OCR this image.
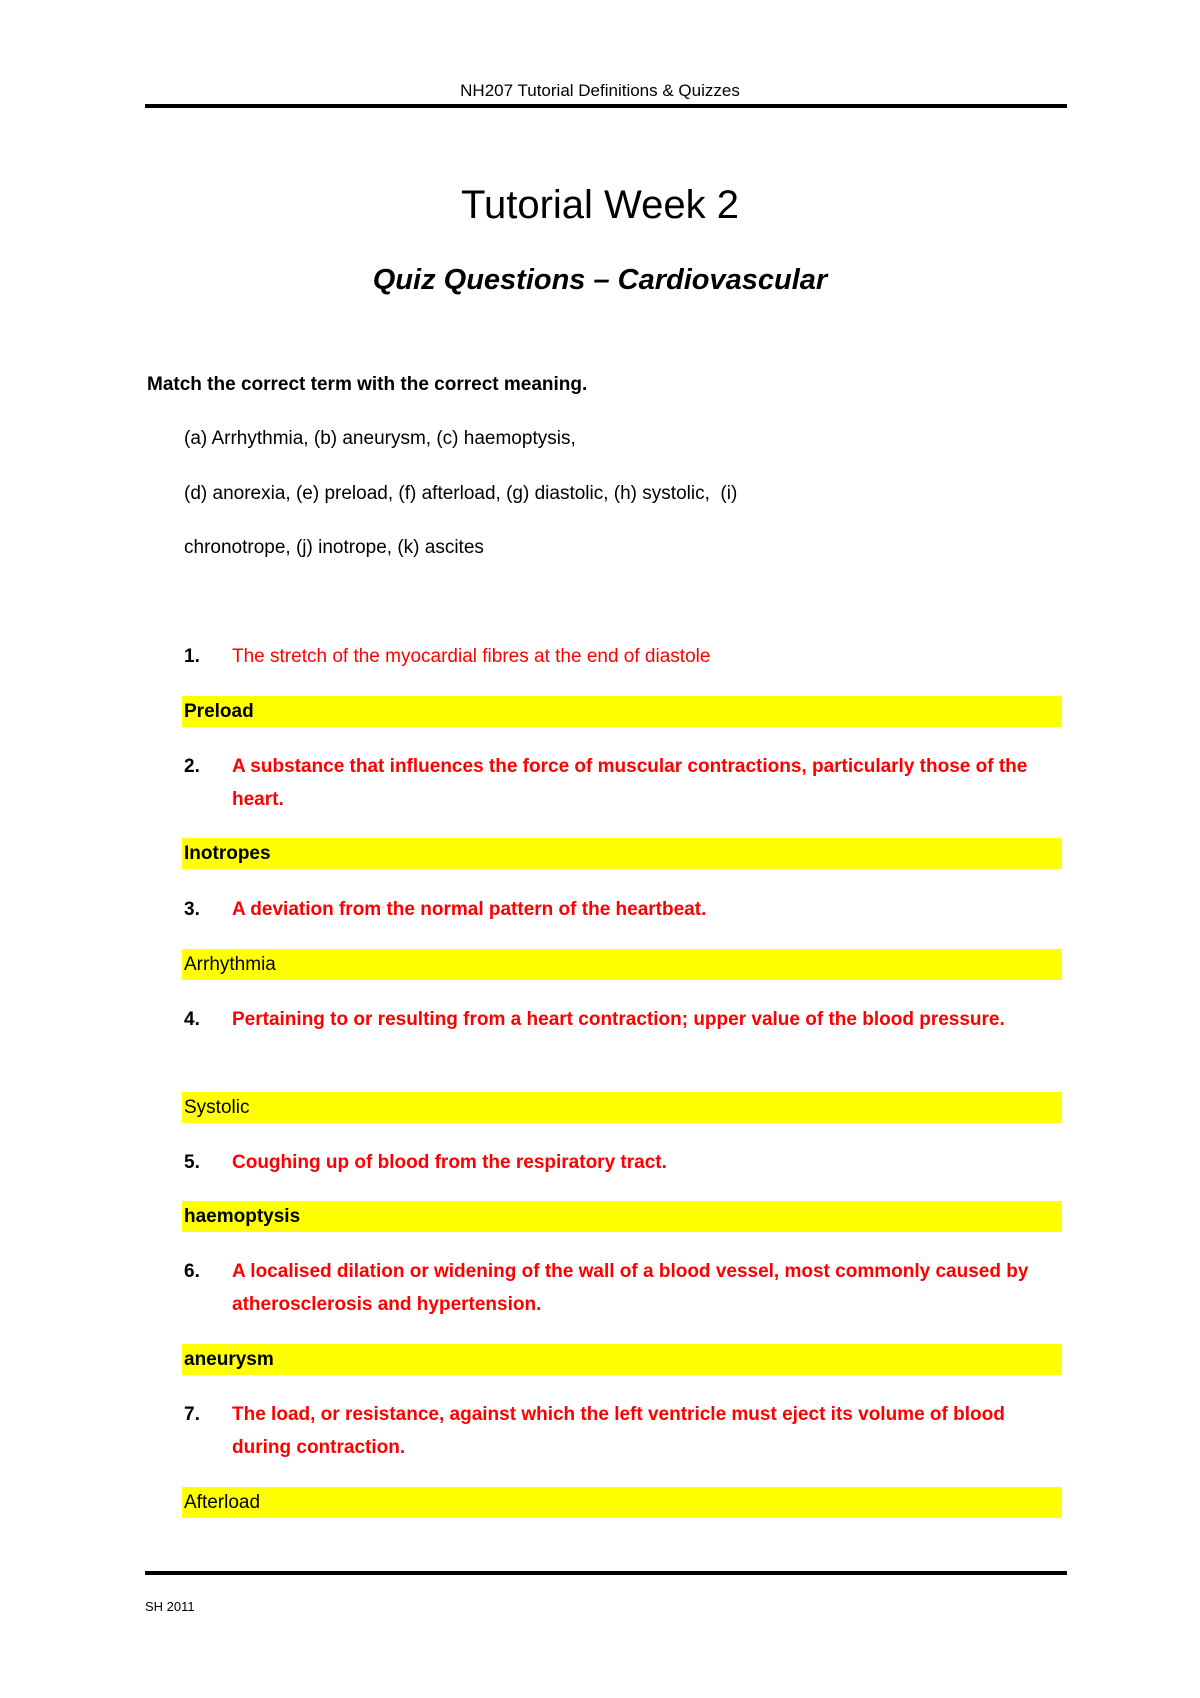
NH207 Tutorial Definitions & Quizzes
Tutorial Week 2
Quiz Questions – Cardiovascular
Match the correct term with the correct meaning.
(a) Arrhythmia, (b) aneurysm, (c) haemoptysis,
(d) anorexia, (e) preload, (f) afterload, (g) diastolic, (h) systolic,  (i)
chronotrope, (j) inotrope, (k) ascites
1. The stretch of the myocardial fibres at the end of diastole
Preload
2. A substance that influences the force of muscular contractions, particularly those of the heart.
Inotropes
3. A deviation from the normal pattern of the heartbeat.
Arrhythmia
4. Pertaining to or resulting from a heart contraction; upper value of the blood pressure.
Systolic
5. Coughing up of blood from the respiratory tract.
haemoptysis
6. A localised dilation or widening of the wall of a blood vessel, most commonly caused by atherosclerosis and hypertension.
aneurysm
7. The load, or resistance, against which the left ventricle must eject its volume of blood during contraction.
Afterload
SH 2011
